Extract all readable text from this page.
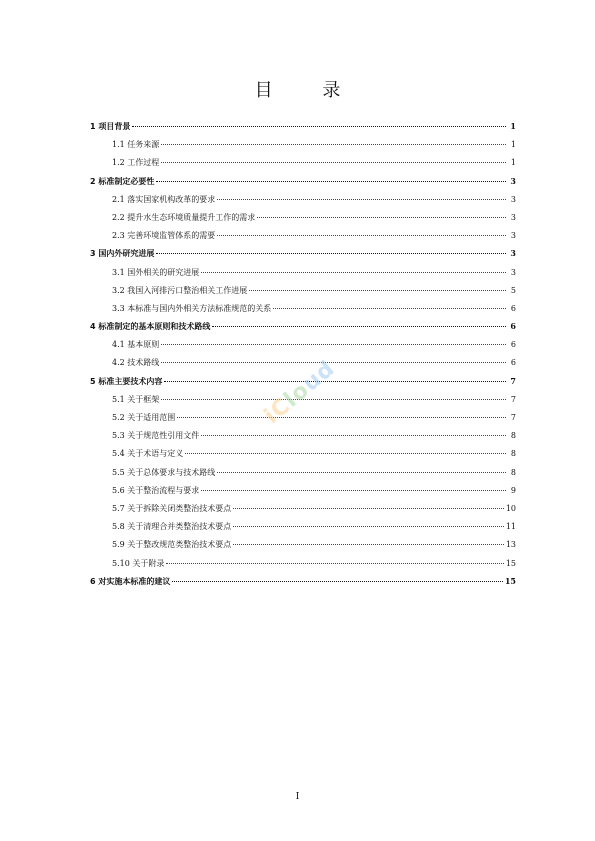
目 录
1 项目背景	1
1.1 任务来源	1
1.2 工作过程	1
2 标准制定必要性	3
2.1 落实国家机构改革的要求	3
2.2 提升水生态环境质量提升工作的需求	3
2.3 完善环境监管体系的需要	3
3 国内外研究进展	3
3.1 国外相关的研究进展	3
3.2 我国入河排污口整治相关工作进展	5
3.3 本标准与国内外相关方法标准规范的关系	6
4 标准制定的基本原则和技术路线	6
4.1 基本原则	6
4.2 技术路线	6
5 标准主要技术内容	7
5.1 关于框架	7
5.2 关于适用范围	7
5.3 关于规范性引用文件	8
5.4 关于术语与定义	8
5.5 关于总体要求与技术路线	8
5.6 关于整治流程与要求	9
5.7 关于拆除关闭类整治技术要点	10
5.8 关于清理合并类整治技术要点	11
5.9 关于整改规范类整治技术要点	13
5.10 关于附录	15
6 对实施本标准的建议	15
iCloud
I
